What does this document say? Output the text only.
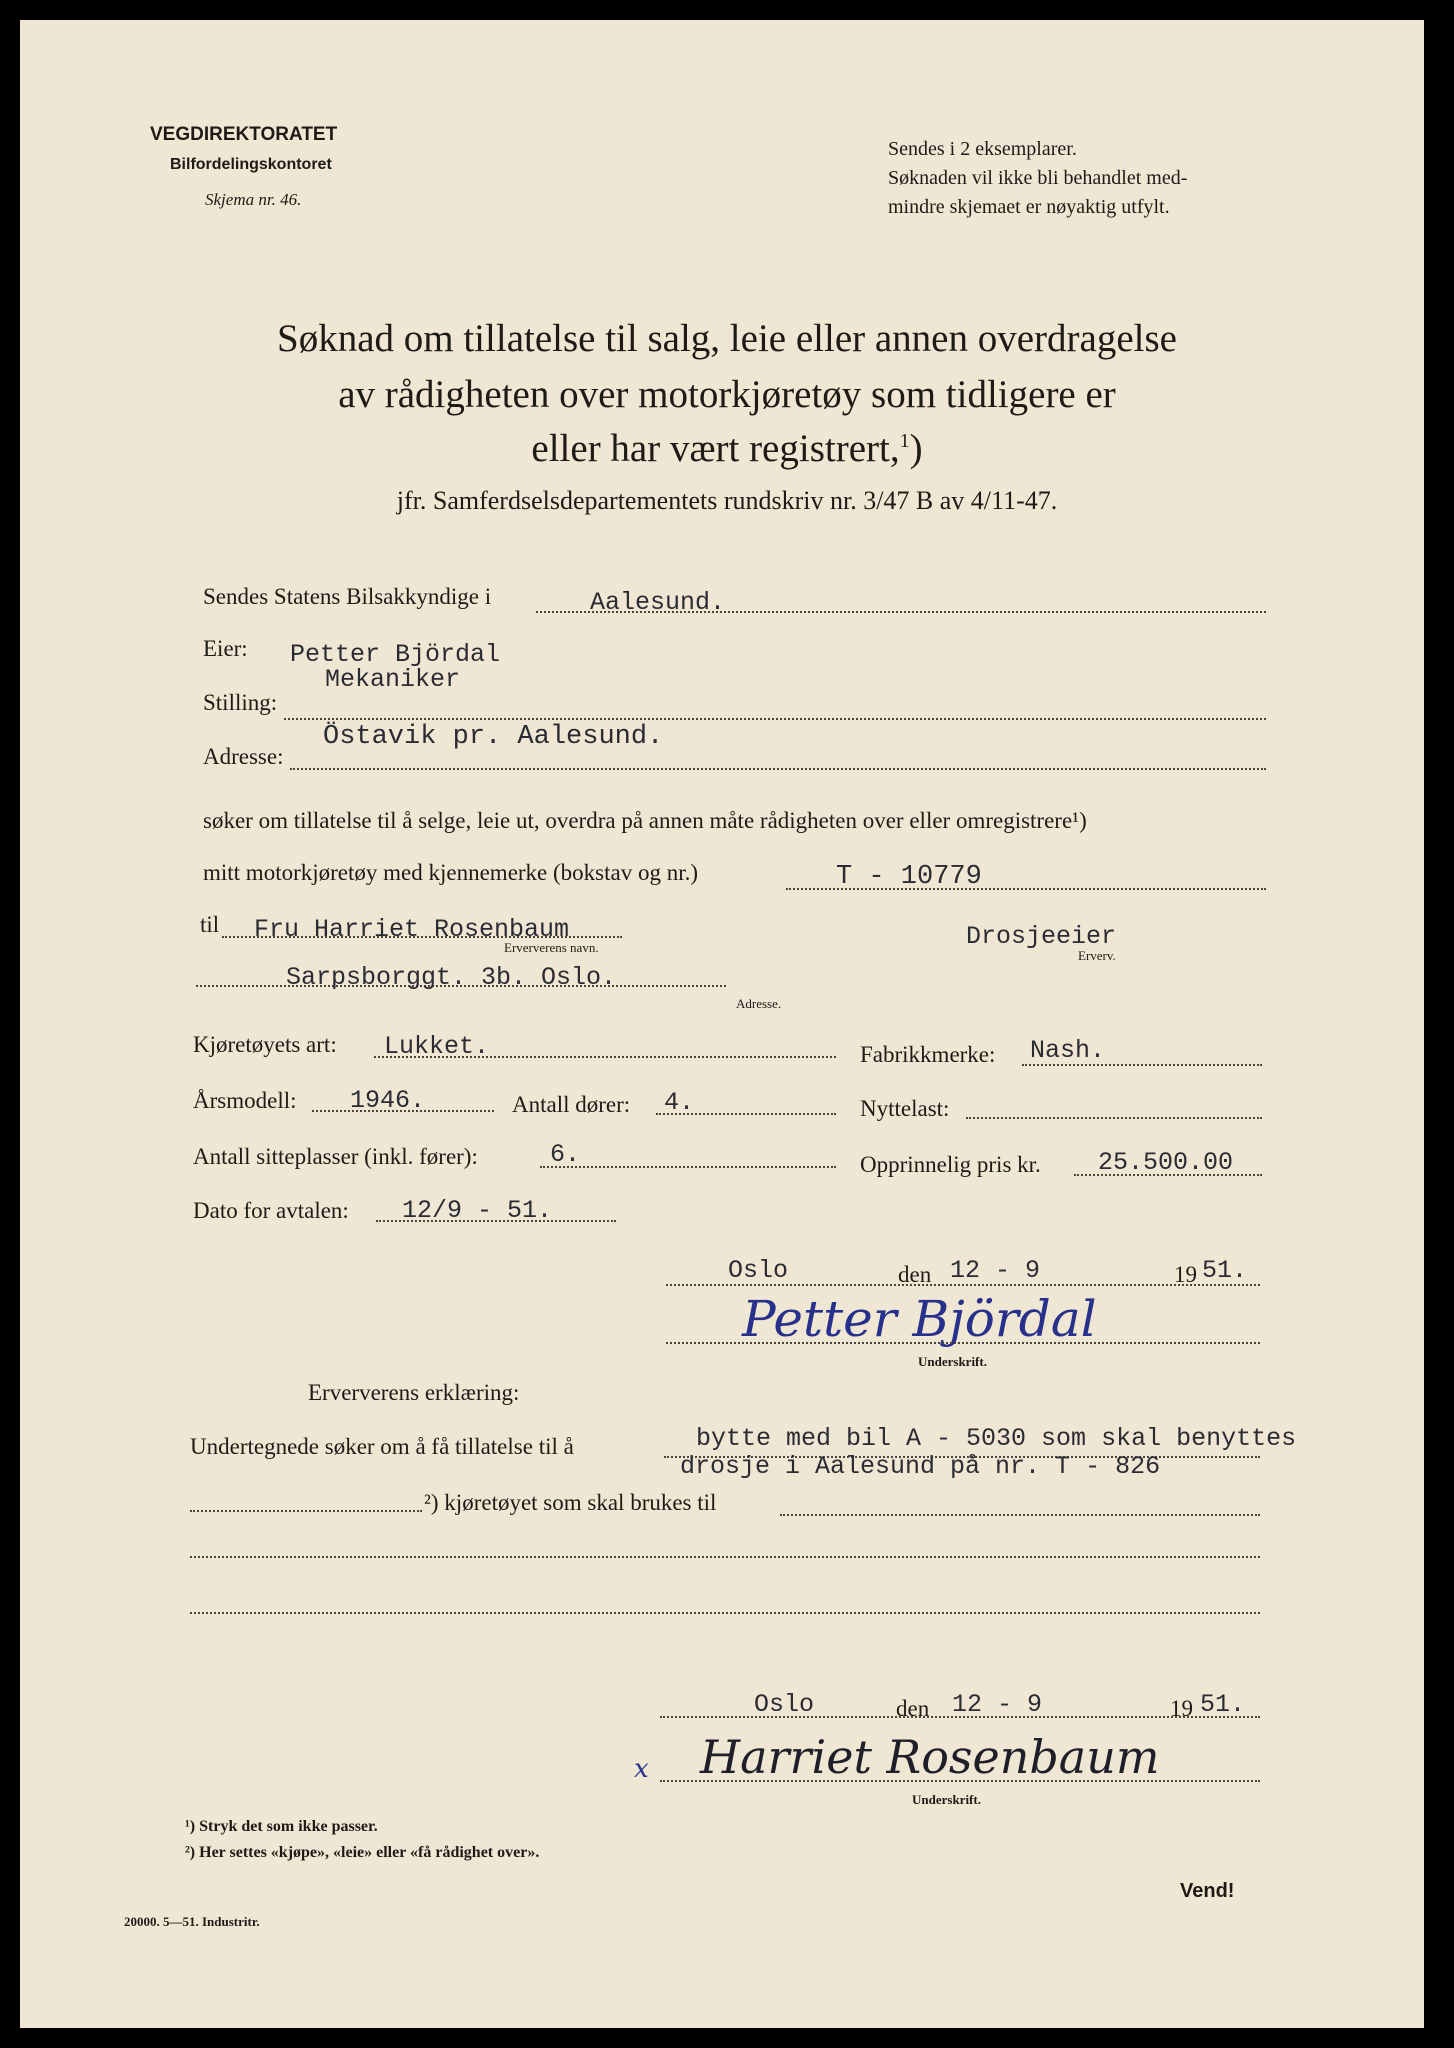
VEGDIREKTORATET
Bilfordelingskontoret
Skjema nr. 46.
Sendes i 2 eksemplarer.
Søknaden vil ikke bli behandlet med-
mindre skjemaet er nøyaktig utfylt.
Søknad om tillatelse til salg, leie eller annen overdragelse
av rådigheten over motorkjøretøy som tidligere er
eller har vært registrert,$^1$)
jfr. Samferdselsdepartementets rundskriv nr. 3/47 B av 4/11-47.
Sendes Statens Bilsakkyndige i	Aalesund.
Eier: Petter Björdal
Stilling:
Mekaniker
Adresse:
Östavik pr. Aalesund.
søker om tillatelse til å selge, leie ut, overdra på annen måte rådigheten over eller omregistrere¹)
mitt motorkjøretøy med kjennemerke (bokstav og nr.)	T - 10779
til Fru Harriet Rosenbaum
Erververens navn.	Drosjeeier
Erverv.
Sarpsborggt. 3b. Oslo.
Adresse.
Kjøretøyets art: Lukket.	Fabrikkmerke: Nash.
Årsmodell: 1946.	Antall dører: 4.	Nyttelast:
Antall sitteplasser (inkl. fører):	6.	Opprinnelig pris kr. 25.500.00
Dato for avtalen: 12/9 - 51.
Oslo	den 12 - 9	19 51.
Petter Björdal
Underskrift.
Erververens erklæring:
Undertegnede søker om å få tillatelse til å	bytte med bil A - 5030 som skal benyttes
drosje i Aalesund på nr. T - 826
²) kjøretøyet som skal brukes til
Oslo	den 12 - 9	19 51.
x Harriet Rosenbaum
Underskrift.
¹) Stryk det som ikke passer.
²) Her settes «kjøpe», «leie» eller «få rådighet over».
20000. 5—51. Industritr.
Vend!
